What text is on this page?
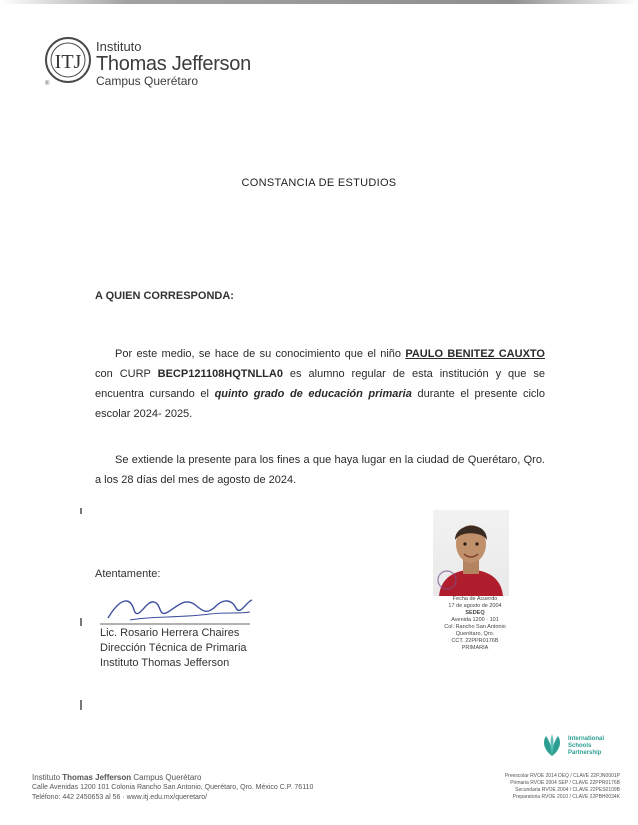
ITJ
®
Instituto
Thomas Jefferson
Campus Querétaro
CONSTANCIA DE ESTUDIOS
A QUIEN CORRESPONDA:
Por este medio, se hace de su conocimiento que el niño PAULO BENITEZ CAUXTO con CURP BECP121108HQTNLLA0 es alumno regular de esta institución y que se encuentra cursando el quinto grado de educación primaria durante el presente ciclo escolar 2024- 2025.
Se extiende la presente para los fines a que haya lugar en la ciudad de Querétaro, Qro. a los 28 días del mes de agosto de 2024.
Atentamente:
Lic. Rosario Herrera Chaires
Dirección Técnica de Primaria
Instituto Thomas Jefferson
Fecha de Acuerdo
17 de agosto de 2004
SEDEQ
Avenida 1200 · 101
Col. Rancho San Antonio
Querétaro, Qro.
CCT. 22PPR0176B
PRIMARIA
International
Schools
Partnership
Instituto Thomas Jefferson Campus Querétaro
Calle Avenidas 1200 101 Colonia Rancho San Antonio, Querétaro, Qro. México C.P. 76110
Teléfono: 442 2450653 al 56 · www.itj.edu.mx/queretaro/
Preescolar RVOE 2014 DEQ / CLAVE 22PJN0001P
Primaria RVOE 2004 SEP / CLAVE 22PPR0176B
Secundaria RVOE 2004 / CLAVE 22PES0109B
Preparatoria RVOE 2010 / CLAVE 22PBH0034K
